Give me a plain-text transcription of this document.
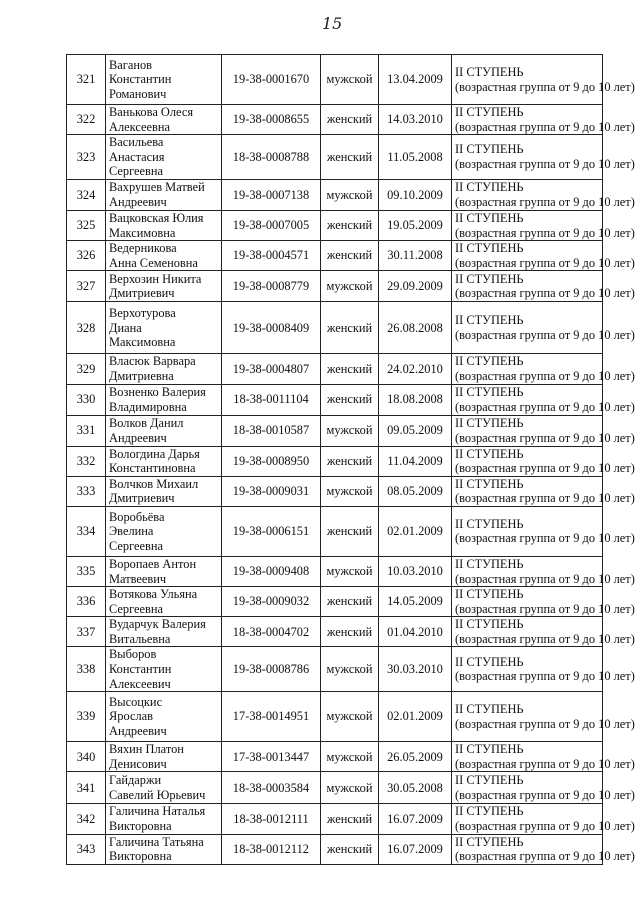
15
321	Ваганов
Константин
Романович	19-38-0001670	мужской	13.04.2009	II СТУПЕНЬ
(возрастная группа от 9 до 10 лет)
322	Ванькова Олеся
Алексеевна	19-38-0008655	женский	14.03.2010	II СТУПЕНЬ
(возрастная группа от 9 до 10 лет)
323	Васильева
Анастасия
Сергеевна	18-38-0008788	женский	11.05.2008	II СТУПЕНЬ
(возрастная группа от 9 до 10 лет)
324	Вахрушев Матвей
Андреевич	19-38-0007138	мужской	09.10.2009	II СТУПЕНЬ
(возрастная группа от 9 до 10 лет)
325	Вацковская Юлия
Максимовна	19-38-0007005	женский	19.05.2009	II СТУПЕНЬ
(возрастная группа от 9 до 10 лет)
326	Ведерникова
Анна Семеновна	19-38-0004571	женский	30.11.2008	II СТУПЕНЬ
(возрастная группа от 9 до 10 лет)
327	Верхозин Никита
Дмитриевич	19-38-0008779	мужской	29.09.2009	II СТУПЕНЬ
(возрастная группа от 9 до 10 лет)
328	Верхотурова
Диана
Максимовна	19-38-0008409	женский	26.08.2008	II СТУПЕНЬ
(возрастная группа от 9 до 10 лет)
329	Власюк Варвара
Дмитриевна	19-38-0004807	женский	24.02.2010	II СТУПЕНЬ
(возрастная группа от 9 до 10 лет)
330	Возненко Валерия
Владимировна	18-38-0011104	женский	18.08.2008	II СТУПЕНЬ
(возрастная группа от 9 до 10 лет)
331	Волков Данил
Андреевич	18-38-0010587	мужской	09.05.2009	II СТУПЕНЬ
(возрастная группа от 9 до 10 лет)
332	Вологдина Дарья
Константиновна	19-38-0008950	женский	11.04.2009	II СТУПЕНЬ
(возрастная группа от 9 до 10 лет)
333	Волчков Михаил
Дмитриевич	19-38-0009031	мужской	08.05.2009	II СТУПЕНЬ
(возрастная группа от 9 до 10 лет)
334	Воробьёва
Эвелина
Сергеевна	19-38-0006151	женский	02.01.2009	II СТУПЕНЬ
(возрастная группа от 9 до 10 лет)
335	Воропаев Антон
Матвеевич	19-38-0009408	мужской	10.03.2010	II СТУПЕНЬ
(возрастная группа от 9 до 10 лет)
336	Вотякова Ульяна
Сергеевна	19-38-0009032	женский	14.05.2009	II СТУПЕНЬ
(возрастная группа от 9 до 10 лет)
337	Вударчук Валерия
Витальевна	18-38-0004702	женский	01.04.2010	II СТУПЕНЬ
(возрастная группа от 9 до 10 лет)
338	Выборов
Константин
Алексеевич	19-38-0008786	мужской	30.03.2010	II СТУПЕНЬ
(возрастная группа от 9 до 10 лет)
339	Высоцкис
Ярослав
Андреевич	17-38-0014951	мужской	02.01.2009	II СТУПЕНЬ
(возрастная группа от 9 до 10 лет)
340	Вяхин Платон
Денисович	17-38-0013447	мужской	26.05.2009	II СТУПЕНЬ
(возрастная группа от 9 до 10 лет)
341	Гайдаржи
Савелий Юрьевич	18-38-0003584	мужской	30.05.2008	II СТУПЕНЬ
(возрастная группа от 9 до 10 лет)
342	Галичина Наталья
Викторовна	18-38-0012111	женский	16.07.2009	II СТУПЕНЬ
(возрастная группа от 9 до 10 лет)
343	Галичина Татьяна
Викторовна	18-38-0012112	женский	16.07.2009	II СТУПЕНЬ
(возрастная группа от 9 до 10 лет)
